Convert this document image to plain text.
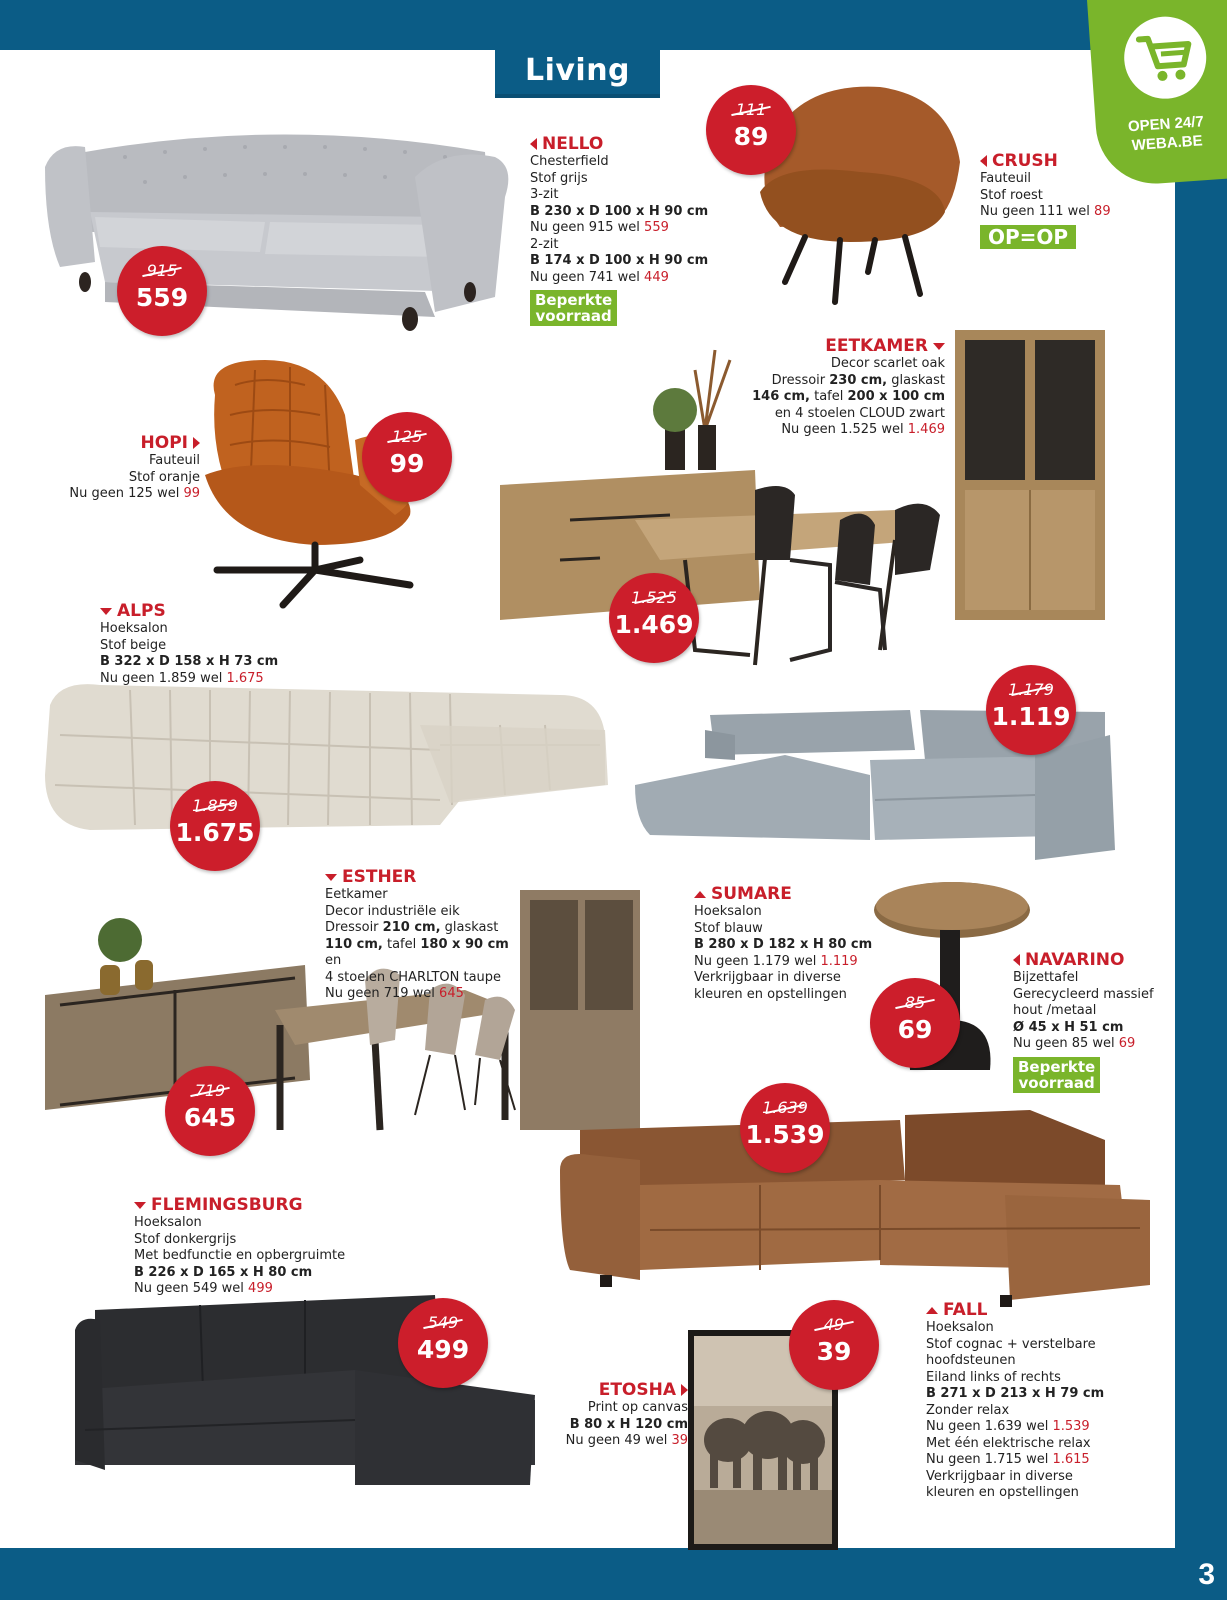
3
Living
OPEN 24/7
WEBA.BE
NELLO
Chesterfield
Stof grijs
3-zit
B 230 x D 100 x H 90 cm
Nu geen 915 wel 559
2-zit
B 174 x D 100 x H 90 cm
Nu geen 741 wel 449
Beperkte
voorraad
CRUSH
Fauteuil
Stof roest
Nu geen 111 wel 89
OP=OP
EETKAMER
Decor scarlet oak
Dressoir 230 cm, glaskast
146 cm, tafel 200 x 100 cm
en 4 stoelen CLOUD zwart
Nu geen 1.525 wel 1.469
HOPI
Fauteuil
Stof oranje
Nu geen 125 wel 99
ALPS
Hoeksalon
Stof beige
B 322 x D 158 x H 73 cm
Nu geen 1.859 wel 1.675
ESTHER
Eetkamer
Decor industriële eik
Dressoir 210 cm, glaskast
110 cm, tafel 180 x 90 cm en
4 stoelen CHARLTON taupe
Nu geen 719 wel 645
SUMARE
Hoeksalon
Stof blauw
B 280 x D 182 x H 80 cm
Nu geen 1.179 wel 1.119
Verkrijgbaar in diverse
kleuren en opstellingen
NAVARINO
Bijzettafel
Gerecycleerd massief
hout /metaal
Ø 45 x H 51 cm
Nu geen 85 wel 69
Beperkte
voorraad
FLEMINGSBURG
Hoeksalon
Stof donkergrijs
Met bedfunctie en opbergruimte
B 226 x D 165 x H 80 cm
Nu geen 549 wel 499
ETOSHA
Print op canvas
B 80 x H 120 cm
Nu geen 49 wel 39
FALL
Hoeksalon
Stof cognac + verstelbare
hoofdsteunen
Eiland links of rechts
B 271 x D 213 x H 79 cm
Zonder relax
Nu geen 1.639 wel 1.539
Met één elektrische relax
Nu geen 1.715 wel 1.615
Verkrijgbaar in diverse
kleuren en opstellingen
915
559
111
89
125
99
1.525
1.469
1.179
1.119
1.859
1.675
85
69
719
645	1.639
1.539
549
499
49
39
